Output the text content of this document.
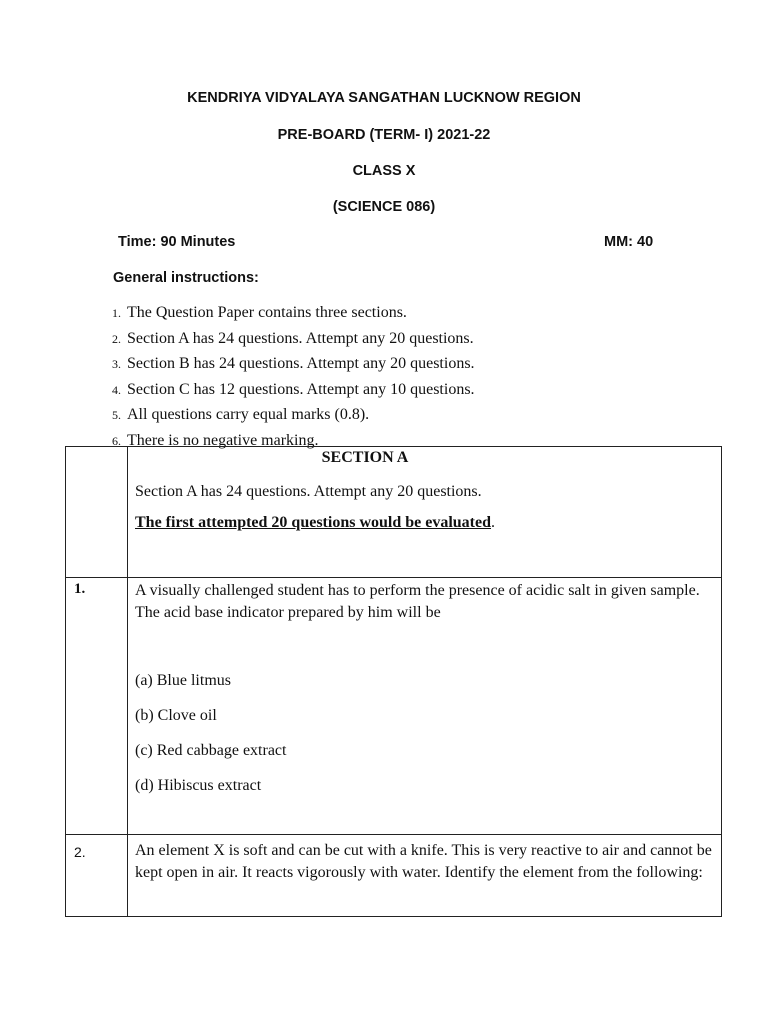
KENDRIYA VIDYALAYA SANGATHAN LUCKNOW REGION
PRE-BOARD (TERM- I) 2021-22
CLASS X
(SCIENCE 086)
Time: 90 Minutes	MM: 40
General instructions:
1. The Question Paper contains three sections.
2. Section A has 24 questions. Attempt any 20 questions.
3. Section B has 24 questions. Attempt any 20 questions.
4. Section C has 12 questions. Attempt any 10 questions.
5. All questions carry equal marks (0.8).
6. There is no negative marking.

	SECTION A
Section A has 24 questions. Attempt any 20 questions.
The first attempted 20 questions would be evaluated.

1.	A visually challenged student has to perform the presence of acidic salt in given sample. The acid base indicator prepared by him will be
(a) Blue litmus
(b) Clove oil
(c) Red cabbage extract
(d) Hibiscus extract

2.	An element X is soft and can be cut with a knife. This is very reactive to air and cannot be kept open in air. It reacts vigorously with water. Identify the element from the following:
